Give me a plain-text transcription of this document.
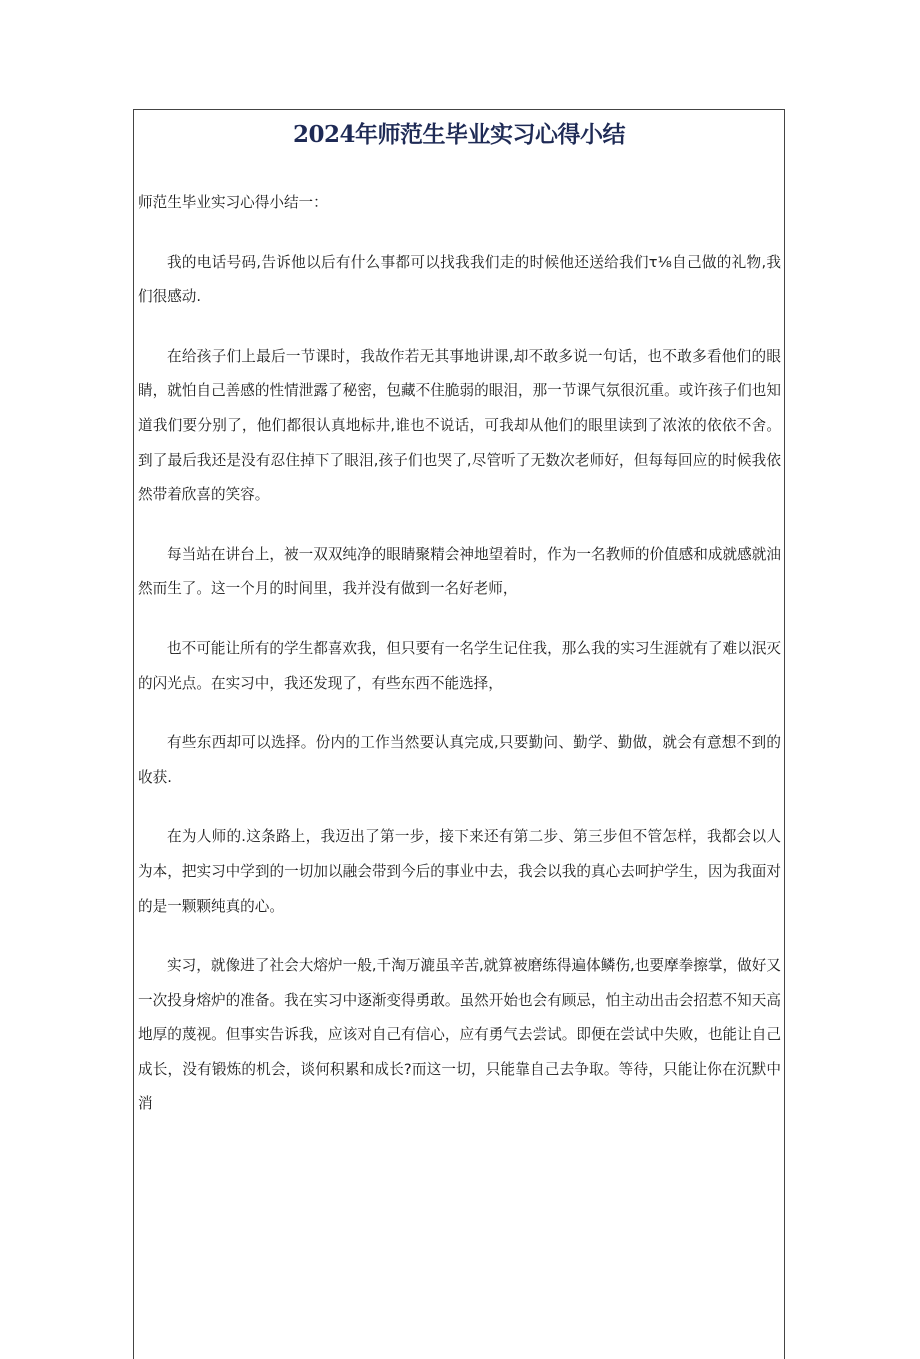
2024年师范生毕业实习心得小结

师范生毕业实习心得小结一：

我的电话号码,告诉他以后有什么事都可以找我我们走的时候他还送给我们τ⅛自己做的礼物,我们很感动.

在给孩子们上最后一节课时，我故作若无其事地讲课,却不敢多说一句话，也不敢多看他们的眼睛，就怕自己善感的性情泄露了秘密，包藏不住脆弱的眼泪，那一节课气氛很沉重。或许孩子们也知道我们要分别了，他们都很认真地标井,谁也不说话，可我却从他们的眼里读到了浓浓的依依不舍。到了最后我还是没有忍住掉下了眼泪,孩子们也哭了,尽管听了无数次老师好，但每每回应的时候我依然带着欣喜的笑容。

每当站在讲台上，被一双双纯净的眼睛聚精会神地望着时，作为一名教师的价值感和成就感就油然而生了。这一个月的时间里，我并没有做到一名好老师，

也不可能让所有的学生都喜欢我，但只要有一名学生记住我，那么我的实习生涯就有了难以泯灭的闪光点。在实习中，我还发现了，有些东西不能选择，

有些东西却可以选择。份内的工作当然要认真完成,只要勤问、勤学、勤做，就会有意想不到的收获.

在为人师的.这条路上，我迈出了第一步，接下来还有第二步、第三步但不管怎样，我都会以人为本，把实习中学到的一切加以融会带到今后的事业中去，我会以我的真心去呵护学生，因为我面对的是一颗颗纯真的心。

实习，就像进了社会大熔炉一般,千淘万漉虽辛苦,就算被磨练得遍体鳞伤,也要摩拳擦掌，做好又一次投身熔炉的准备。我在实习中逐渐变得勇敢。虽然开始也会有顾忌，怕主动出击会招惹不知天高地厚的蔑视。但事实告诉我，应该对自己有信心，应有勇气去尝试。即便在尝试中失败，也能让自己成长，没有锻炼的机会，谈何积累和成长?而这一切，只能靠自己去争取。等待，只能让你在沉默中消
